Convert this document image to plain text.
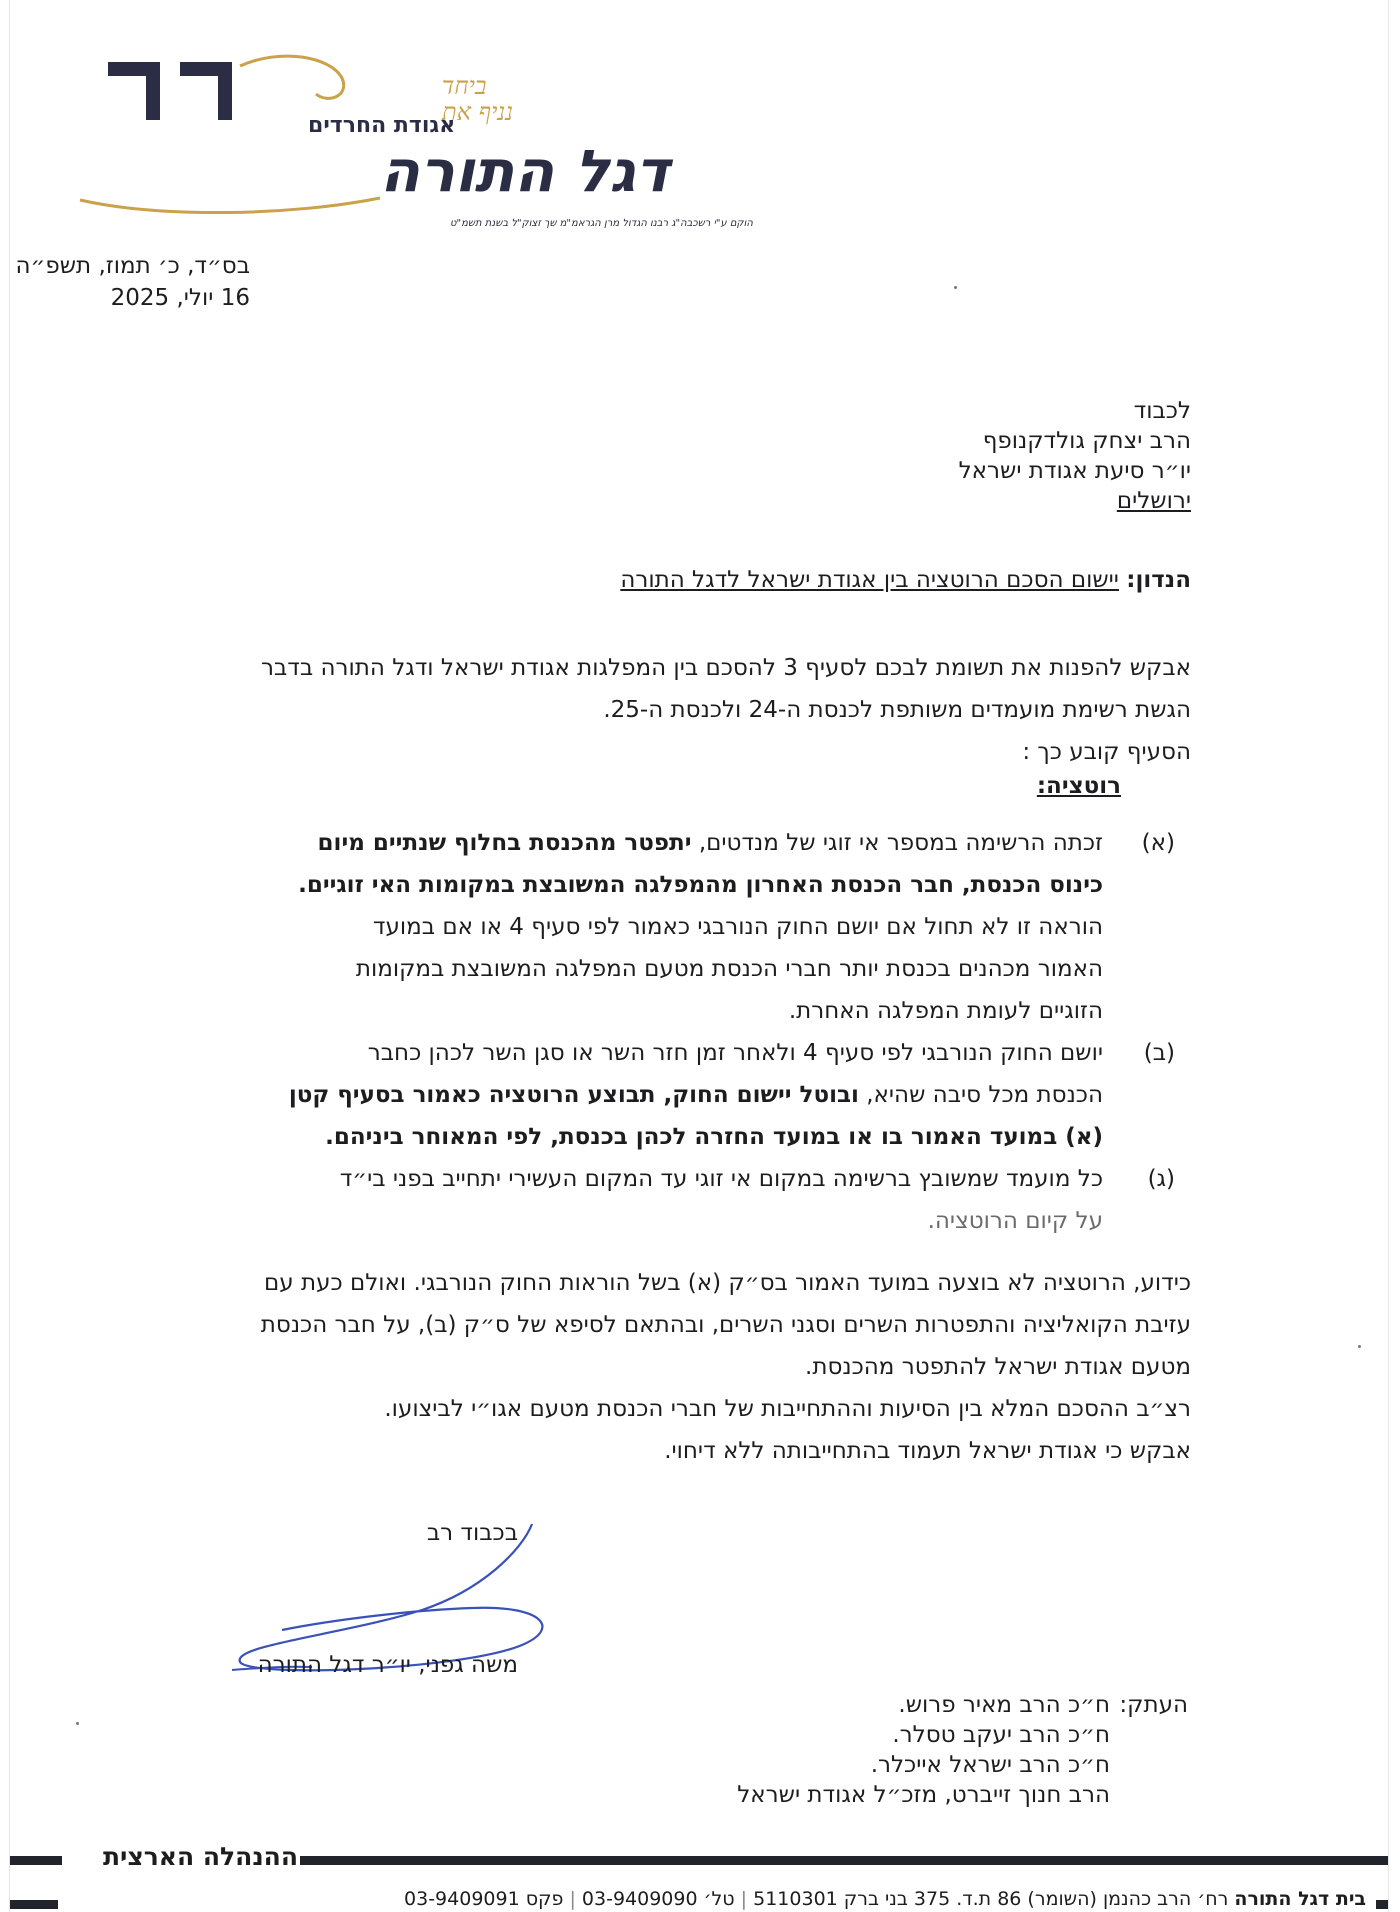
דגל התורה
אגודת החרדים
ביחד
נניף את
הוקם ע"י רשכבה"ג רבנו הגדול מרן הגראמ"מ שך זצוק"ל בשנת תשמ"ט
בס״ד, כ׳ תמוז, תשפ״ה
16 יולי, 2025
לכבוד
הרב יצחק גולדקנופף
יו״ר סיעת אגודת ישראל
ירושלים
הנדון: יישום הסכם הרוטציה בין אגודת ישראל לדגל התורה
אבקש להפנות את תשומת לבכם לסעיף 3 להסכם בין המפלגות אגודת ישראל ודגל התורה בדבר
הגשת רשימת מועמדים משותפת לכנסת ה-24 ולכנסת ה-25.
הסעיף קובע כך :
רוטציה:
(א)
זכתה הרשימה במספר אי זוגי של מנדטים, יתפטר מהכנסת בחלוף שנתיים מיום
כינוס הכנסת, חבר הכנסת האחרון מהמפלגה המשובצת במקומות האי זוגיים.
הוראה זו לא תחול אם יושם החוק הנורבגי כאמור לפי סעיף 4 או אם במועד
האמור מכהנים בכנסת יותר חברי הכנסת מטעם המפלגה המשובצת במקומות
הזוגיים לעומת המפלגה האחרת.
(ב)
יושם החוק הנורבגי לפי סעיף 4 ולאחר זמן חזר השר או סגן השר לכהן כחבר
הכנסת מכל סיבה שהיא, ובוטל יישום החוק, תבוצע הרוטציה כאמור בסעיף קטן
(א) במועד האמור בו או במועד החזרה לכהן בכנסת, לפי המאוחר ביניהם.
(ג)
כל מועמד שמשובץ ברשימה במקום אי זוגי עד המקום העשירי יתחייב בפני בי״ד
על קיום הרוטציה.
כידוע, הרוטציה לא בוצעה במועד האמור בס״ק (א) בשל הוראות החוק הנורבגי. ואולם כעת עם
עזיבת הקואליציה והתפטרות השרים וסגני השרים, ובהתאם לסיפא של ס״ק (ב), על חבר הכנסת
מטעם אגודת ישראל להתפטר מהכנסת.
רצ״ב ההסכם המלא בין הסיעות וההתחייבות של חברי הכנסת מטעם אגו״י לביצועו.
אבקש כי אגודת ישראל תעמוד בהתחייבותה ללא דיחוי.
בכבוד רב
משה גפני, יו״ר דגל התורה
העתק:
ח״כ הרב מאיר פרוש.
ח״כ הרב יעקב טסלר.
ח״כ הרב ישראל אייכלר.
הרב חנוך זייברט, מזכ״ל אגודת ישראל
ההנהלה הארצית
בית דגל התורה רח׳ הרב כהנמן (השומר) 86 ת.ד. 375 בני ברק 5110301 | טל׳ 03-9409090 | פקס 03-9409091
